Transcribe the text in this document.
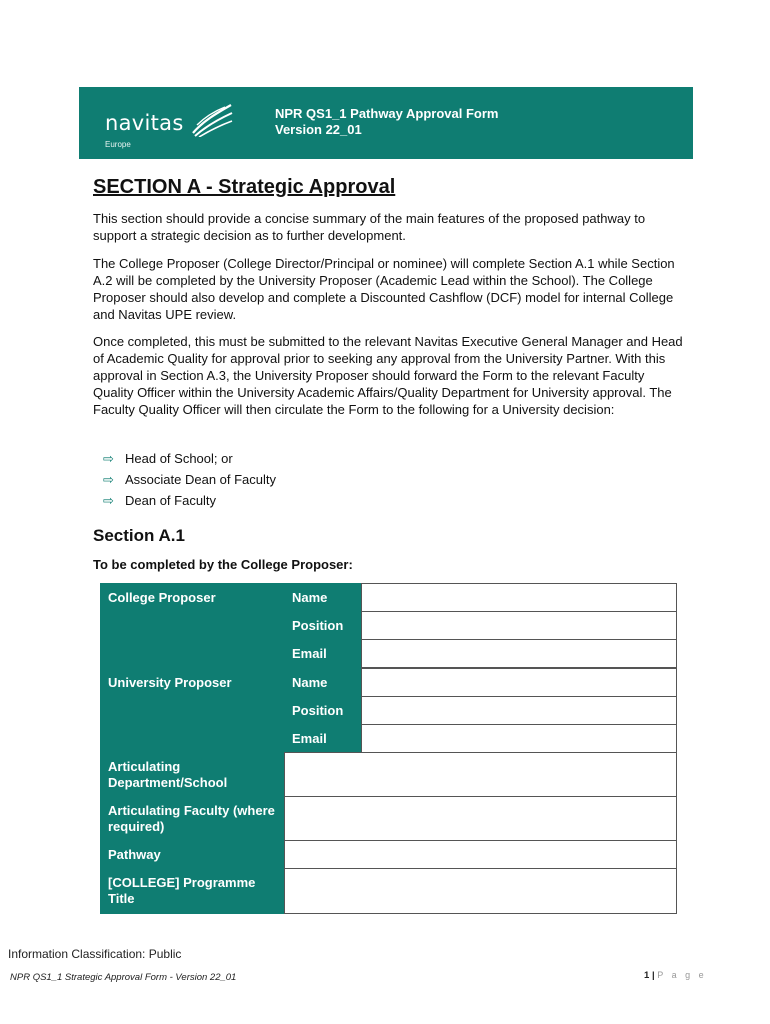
navitas
Europe
NPR QS1_1 Pathway Approval Form
Version 22_01
SECTION A - Strategic Approval

This section should provide a concise summary of the main features of the proposed pathway to support a strategic decision as to further development.

The College Proposer (College Director/Principal or nominee) will complete Section A.1 while Section A.2 will be completed by the University Proposer (Academic Lead within the School). The College Proposer should also develop and complete a Discounted Cashflow (DCF) model for internal College and Navitas UPE review.

Once completed, this must be submitted to the relevant Navitas Executive General Manager and Head of Academic Quality for approval prior to seeking any approval from the University Partner. With this approval in Section A.3, the University Proposer should forward the Form to the relevant Faculty Quality Officer within the University Academic Affairs/Quality Department for University approval. The Faculty Quality Officer will then circulate the Form to the following for a University decision:

⇨ Head of School; or
⇨ Associate Dean of Faculty
⇨ Dean of Faculty
Section A.1

To be completed by the College Proposer:

College Proposer	Name
Position
Email
University Proposer	Name
Position
Email
Articulating Department/School
Articulating Faculty (where required)
Pathway
[COLLEGE] Programme Title
Information Classification: Public
NPR QS1_1 Strategic Approval Form - Version 22_01	1 | P a g e
